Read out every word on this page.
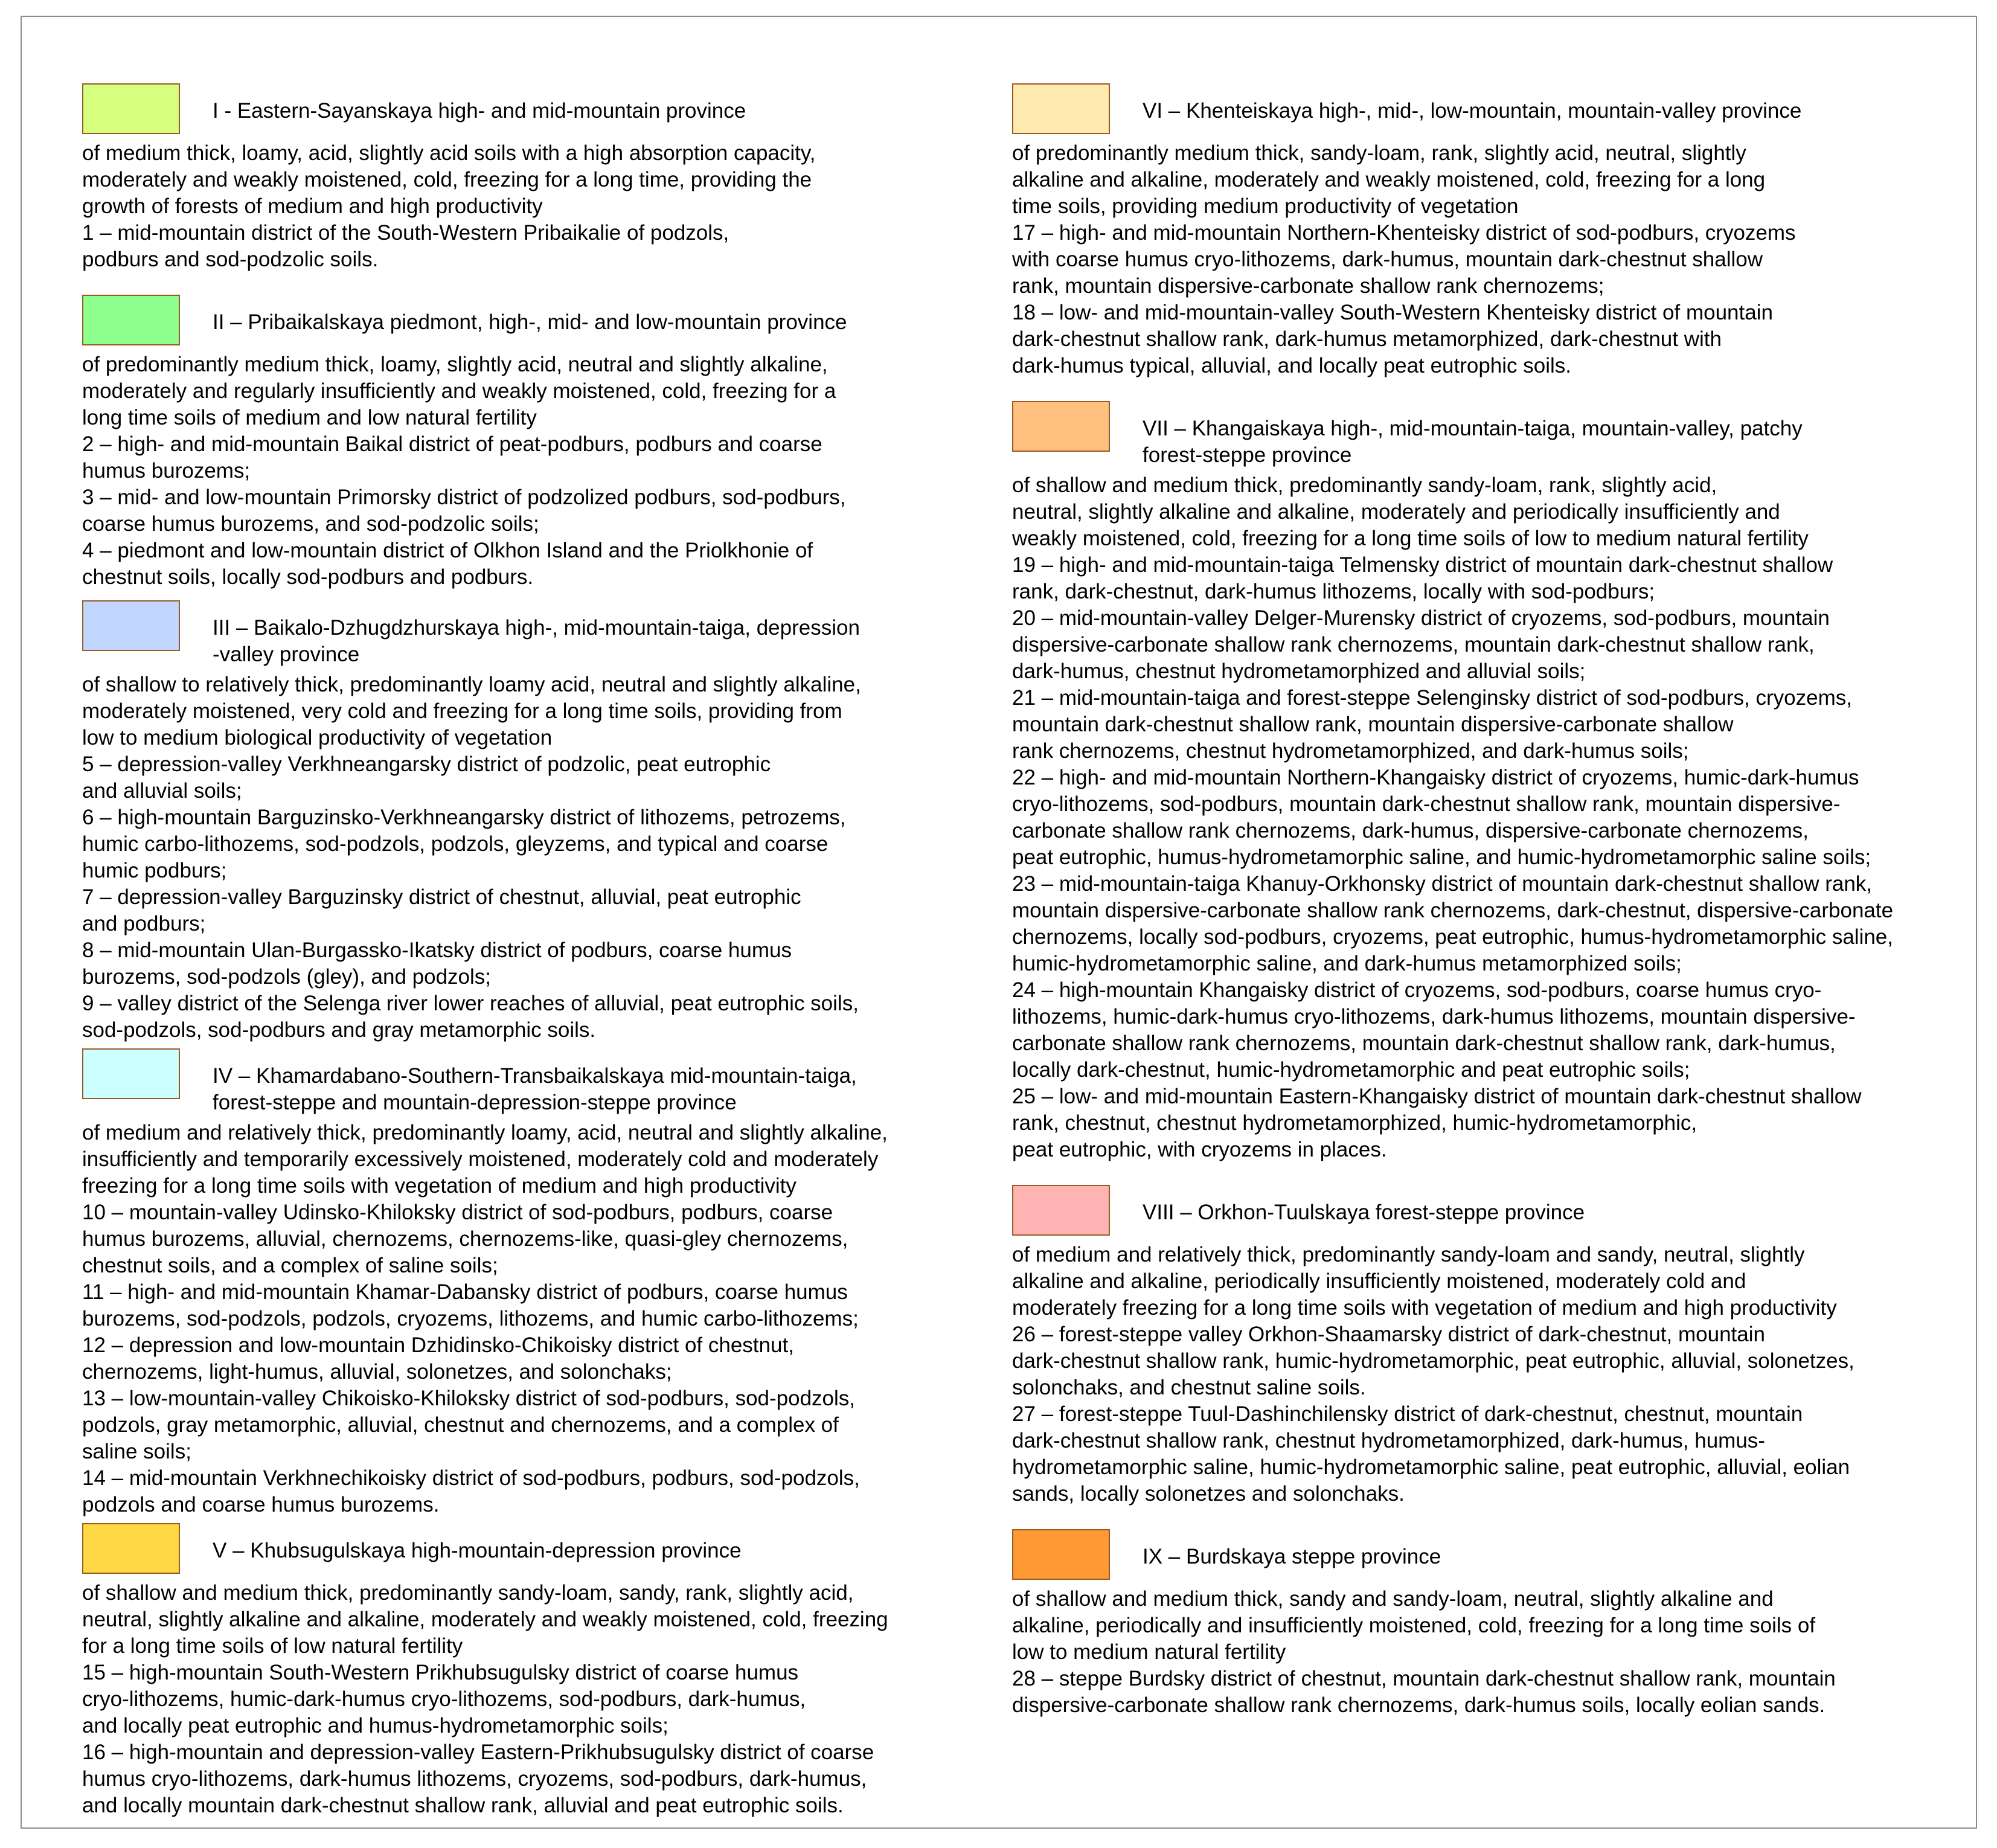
I - Eastern-Sayanskaya high- and mid-mountain province
of medium thick, loamy, acid, slightly acid soils with a high absorption capacity,
moderately and weakly moistened, cold, freezing for a long time, providing the
growth of forests of medium and high productivity
1 – mid-mountain district of the South-Western Pribaikalie of podzols,
podburs and sod-podzolic soils.
II – Pribaikalskaya piedmont, high-, mid- and low-mountain province
of predominantly medium thick, loamy, slightly acid, neutral and slightly alkaline,
moderately and regularly insufficiently and weakly moistened, cold, freezing for a
long time soils of medium and low natural fertility
2 – high- and mid-mountain Baikal district of peat-podburs, podburs and coarse
humus burozems;
3 – mid- and low-mountain Primorsky district of podzolized podburs, sod-podburs,
coarse humus burozems, and sod-podzolic soils;
4 – piedmont and low-mountain district of Olkhon Island and the Priolkhonie of
chestnut soils, locally sod-podburs and podburs.
III – Baikalo-Dzhugdzhurskaya high-, mid-mountain-taiga, depression
-valley province
of shallow to relatively thick, predominantly loamy acid, neutral and slightly alkaline,
moderately moistened, very cold and freezing for a long time soils, providing from
low to medium biological productivity of vegetation
5 – depression-valley Verkhneangarsky district of podzolic, peat eutrophic
and alluvial soils;
6 – high-mountain Barguzinsko-Verkhneangarsky district of lithozems, petrozems,
humic carbo-lithozems, sod-podzols, podzols, gleyzems, and typical and coarse
humic podburs;
7 – depression-valley Barguzinsky district of chestnut, alluvial, peat eutrophic
and podburs;
8 – mid-mountain Ulan-Burgassko-Ikatsky district of podburs, coarse humus
burozems, sod-podzols (gley), and podzols;
9 – valley district of the Selenga river lower reaches of alluvial, peat eutrophic soils,
sod-podzols, sod-podburs and gray metamorphic soils.
IV – Khamardabano-Southern-Transbaikalskaya mid-mountain-taiga,
forest-steppe and mountain-depression-steppe province
of medium and relatively thick, predominantly loamy, acid, neutral and slightly alkaline,
insufficiently and temporarily excessively moistened, moderately cold and moderately
freezing for a long time soils with vegetation of medium and high productivity
10 – mountain-valley Udinsko-Khiloksky district of sod-podburs, podburs, coarse
humus burozems, alluvial, chernozems, chernozems-like, quasi-gley chernozems,
chestnut soils, and a complex of saline soils;
11 – high- and mid-mountain Khamar-Dabansky district of podburs, coarse humus
burozems, sod-podzols, podzols, cryozems, lithozems, and humic carbo-lithozems;
12 – depression and low-mountain Dzhidinsko-Chikoisky district of chestnut,
chernozems, light-humus, alluvial, solonetzes, and solonchaks;
13 – low-mountain-valley Chikoisko-Khiloksky district of sod-podburs, sod-podzols,
podzols, gray metamorphic, alluvial, chestnut and chernozems, and a complex of
saline soils;
14 – mid-mountain Verkhnechikoisky district of sod-podburs, podburs, sod-podzols,
podzols and coarse humus burozems.
V – Khubsugulskaya high-mountain-depression province
of shallow and medium thick, predominantly sandy-loam, sandy, rank, slightly acid,
neutral, slightly alkaline and alkaline, moderately and weakly moistened, cold, freezing
for a long time soils of low natural fertility
15 – high-mountain South-Western Prikhubsugulsky district of coarse humus
cryo-lithozems, humic-dark-humus cryo-lithozems, sod-podburs, dark-humus,
and locally peat eutrophic and humus-hydrometamorphic soils;
16 – high-mountain and depression-valley Eastern-Prikhubsugulsky district of coarse
humus cryo-lithozems, dark-humus lithozems, cryozems, sod-podburs, dark-humus,
and locally mountain dark-chestnut shallow rank, alluvial and peat eutrophic soils.
VI – Khenteiskaya high-, mid-, low-mountain, mountain-valley province
of predominantly medium thick, sandy-loam, rank, slightly acid, neutral, slightly
alkaline and alkaline, moderately and weakly moistened, cold, freezing for a long
time soils, providing medium productivity of vegetation
17 – high- and mid-mountain Northern-Khenteisky district of sod-podburs, cryozems
with coarse humus cryo-lithozems, dark-humus, mountain dark-chestnut shallow
rank, mountain dispersive-carbonate shallow rank chernozems;
18 – low- and mid-mountain-valley South-Western Khenteisky district of mountain
dark-chestnut shallow rank, dark-humus metamorphized, dark-chestnut with
dark-humus typical, alluvial, and locally peat eutrophic soils.
VII – Khangaiskaya high-, mid-mountain-taiga, mountain-valley, patchy
forest-steppe province
of shallow and medium thick, predominantly sandy-loam, rank, slightly acid,
neutral, slightly alkaline and alkaline, moderately and periodically insufficiently and
weakly moistened, cold, freezing for a long time soils of low to medium natural fertility
19 – high- and mid-mountain-taiga Telmensky district of mountain dark-chestnut shallow
rank, dark-chestnut, dark-humus lithozems, locally with sod-podburs;
20 – mid-mountain-valley Delger-Murensky district of cryozems, sod-podburs, mountain
dispersive-carbonate shallow rank chernozems, mountain dark-chestnut shallow rank,
dark-humus, chestnut hydrometamorphized and alluvial soils;
21 – mid-mountain-taiga and forest-steppe Selenginsky district of sod-podburs, cryozems,
mountain dark-chestnut shallow rank, mountain dispersive-carbonate shallow
rank chernozems, chestnut hydrometamorphized, and dark-humus soils;
22 – high- and mid-mountain Northern-Khangaisky district of cryozems, humic-dark-humus
cryo-lithozems, sod-podburs, mountain dark-chestnut shallow rank, mountain dispersive-
carbonate shallow rank chernozems, dark-humus, dispersive-carbonate chernozems,
peat eutrophic, humus-hydrometamorphic saline, and humic-hydrometamorphic saline soils;
23 – mid-mountain-taiga Khanuy-Orkhonsky district of mountain dark-chestnut shallow rank,
mountain dispersive-carbonate shallow rank chernozems, dark-chestnut, dispersive-carbonate
chernozems, locally sod-podburs, cryozems, peat eutrophic, humus-hydrometamorphic saline,
humic-hydrometamorphic saline, and dark-humus metamorphized soils;
24 – high-mountain Khangaisky district of cryozems, sod-podburs, coarse humus cryo-
lithozems, humic-dark-humus cryo-lithozems, dark-humus lithozems, mountain dispersive-
carbonate shallow rank chernozems, mountain dark-chestnut shallow rank, dark-humus,
locally dark-chestnut, humic-hydrometamorphic and peat eutrophic soils;
25 – low- and mid-mountain Eastern-Khangaisky district of mountain dark-chestnut shallow
rank, chestnut, chestnut hydrometamorphized, humic-hydrometamorphic,
peat eutrophic, with cryozems in places.
VIII – Orkhon-Tuulskaya forest-steppe province
of medium and relatively thick, predominantly sandy-loam and sandy, neutral, slightly
alkaline and alkaline, periodically insufficiently moistened, moderately cold and
moderately freezing for a long time soils with vegetation of medium and high productivity
26 – forest-steppe valley Orkhon-Shaamarsky district of dark-chestnut, mountain
dark-chestnut shallow rank, humic-hydrometamorphic, peat eutrophic, alluvial, solonetzes,
solonchaks, and chestnut saline soils.
27 – forest-steppe Tuul-Dashinchilensky district of dark-chestnut, chestnut, mountain
dark-chestnut shallow rank, chestnut hydrometamorphized, dark-humus, humus-
hydrometamorphic saline, humic-hydrometamorphic saline, peat eutrophic, alluvial, eolian
sands, locally solonetzes and solonchaks.
IX – Burdskaya steppe province
of shallow and medium thick, sandy and sandy-loam, neutral, slightly alkaline and
alkaline, periodically and insufficiently moistened, cold, freezing for a long time soils of
low to medium natural fertility
28 – steppe Burdsky district of chestnut, mountain dark-chestnut shallow rank, mountain
dispersive-carbonate shallow rank chernozems, dark-humus soils, locally eolian sands.
